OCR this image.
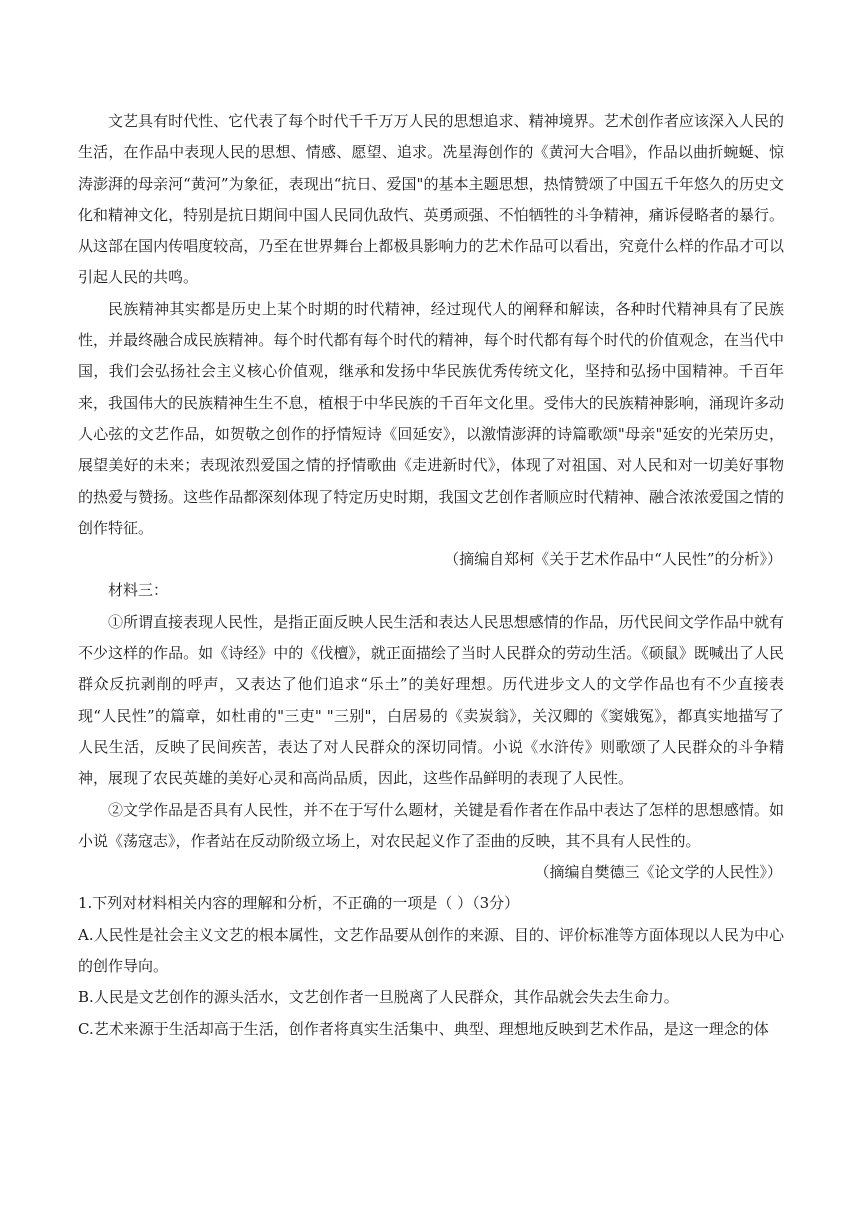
文艺具有时代性、它代表了每个时代千千万万人民的思想追求、精神境界。艺术创作者应该深入人民的生活，在作品中表现人民的思想、情感、愿望、追求。冼星海创作的《黄河大合唱》，作品以曲折蜿蜒、惊涛澎湃的母亲河“黄河”为象征，表现出“抗日、爱国"的基本主题思想，热情赞颂了中国五千年悠久的历史文化和精神文化，特别是抗日期间中国人民同仇敌忾、英勇顽强、不怕牺牲的斗争精神，痛诉侵略者的暴行。从这部在国内传唱度较高，乃至在世界舞台上都极具影响力的艺术作品可以看出，究竟什么样的作品才可以引起人民的共鸣。

民族精神其实都是历史上某个时期的时代精神，经过现代人的阐释和解读，各种时代精神具有了民族性，并最终融合成民族精神。每个时代都有每个时代的精神，每个时代都有每个时代的价值观念，在当代中国，我们会弘扬社会主义核心价值观，继承和发扬中华民族优秀传统文化，坚持和弘扬中国精神。千百年来，我国伟大的民族精神生生不息，植根于中华民族的千百年文化里。受伟大的民族精神影响，涌现许多动人心弦的文艺作品，如贺敬之创作的抒情短诗《回延安》，以激情澎湃的诗篇歌颂"母亲"延安的光荣历史，展望美好的未来；表现浓烈爱国之情的抒情歌曲《走进新时代》，体现了对祖国、对人民和对一切美好事物的热爱与赞扬。这些作品都深刻体现了特定历史时期，我国文艺创作者顺应时代精神、融合浓浓爱国之情的创作特征。

（摘编自郑柯《关于艺术作品中“人民性”的分析》）

材料三：

①所谓直接表现人民性，是指正面反映人民生活和表达人民思想感情的作品，历代民间文学作品中就有不少这样的作品。如《诗经》中的《伐檀》，就正面描绘了当时人民群众的劳动生活。《硕鼠》既喊出了人民群众反抗剥削的呼声，又表达了他们追求“乐土”的美好理想。历代进步文人的文学作品也有不少直接表现“人民性”的篇章，如杜甫的"三吏" "三别"，白居易的《卖炭翁》，关汉卿的《窦娥冤》，都真实地描写了人民生活，反映了民间疾苦，表达了对人民群众的深切同情。小说《水浒传》则歌颂了人民群众的斗争精神，展现了农民英雄的美好心灵和高尚品质，因此，这些作品鲜明的表现了人民性。

②文学作品是否具有人民性，并不在于写什么题材，关键是看作者在作品中表达了怎样的思想感情。如小说《荡寇志》，作者站在反动阶级立场上，对农民起义作了歪曲的反映，其不具有人民性的。

（摘编自樊德三《论文学的人民性》）

1.下列对材料相关内容的理解和分析，不正确的一项是（ ）（3分）

A.人民性是社会主义文艺的根本属性，文艺作品要从创作的来源、目的、评价标准等方面体现以人民为中心的创作导向。

B.人民是文艺创作的源头活水，文艺创作者一旦脱离了人民群众，其作品就会失去生命力。

C.艺术来源于生活却高于生活，创作者将真实生活集中、典型、理想地反映到艺术作品，是这一理念的体
